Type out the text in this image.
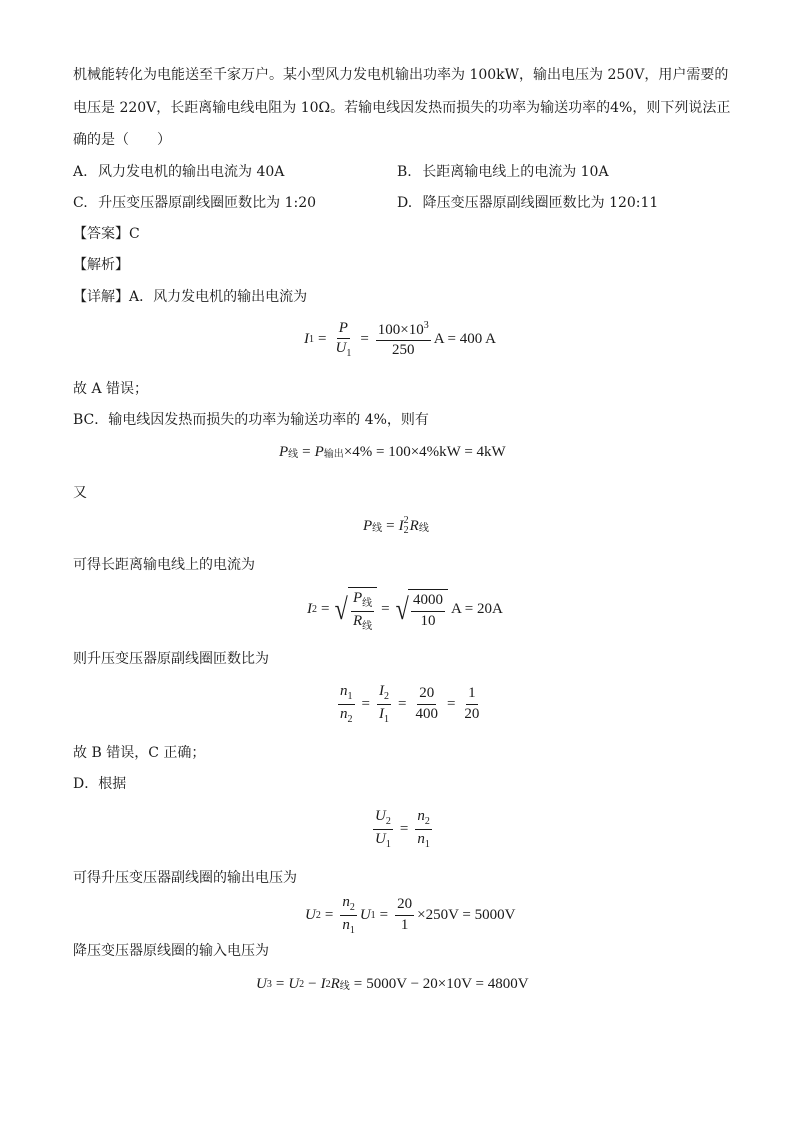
机械能转化为电能送至千家万户。某小型风力发电机输出功率为 100kW，输出电压为 250V，用户需要的
电压是 220V，长距离输电线电阻为 10Ω。若输电线因发热而损失的功率为输送功率的4%，则下列说法正
确的是（　　）
A. 风力发电机的输出电流为 40A	B. 长距离输电线上的电流为 10A
C. 升压变压器原副线圈匝数比为 1:20	D. 降压变压器原副线圈匝数比为 120:11
【答案】C
【解析】
【详解】A．风力发电机的输出电流为
I $1 = \frac{P}{U_1} = \frac{100\times 10^3}{250}$ A = 400 A
故 A 错误；
BC．输电线因发热而损失的功率为输送功率的 4%，则有
P 线 = P 输出 ×4% = 100×4%kW = 4kW
又
P 线 = I 2
2 R 线
可得长距离输电线上的电流为
I 2 = √ $\frac{P_线}{R_线}$ = √ $\frac{4000}{10}$ A = 20A
则升压变压器原副线圈匝数比为
$\frac{n_1}{n_2} = \frac{I_2}{I_1} = \frac{20}{400} = \frac{1}{20}$
故 B 错误，C 正确；
D．根据
$\frac{U_2}{U_1} = \frac{n_2}{n_1}$
可得升压变压器副线圈的输出电压为
U $2 = \frac{n_2}{n_1}$ U $1 = \frac{20}{1} \times 250V = 5000V$
降压变压器原线圈的输入电压为
U 3 = U 2 − I 2 R 线 = 5000V − 20×10V = 4800V
